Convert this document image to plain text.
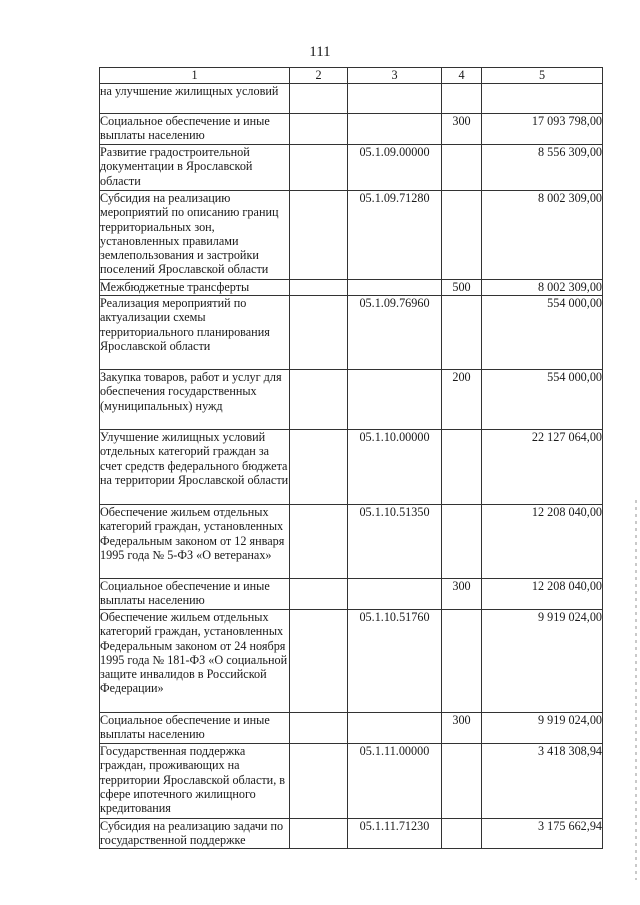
111
1	2	3	4	5
на улучшение жилищных условий				
Социальное обеспечение и иные выплаты населению			300	17 093 798,00
Развитие градостроительной документации в Ярославской области		05.1.09.00000		8 556 309,00
Субсидия на реализацию мероприятий по описанию границ территориальных зон, установленных правилами землепользования и застройки поселений Ярославской области		05.1.09.71280		8 002 309,00
Межбюджетные трансферты			500	8 002 309,00
Реализация мероприятий по актуализации схемы территориального планирования Ярославской области		05.1.09.76960		554 000,00
Закупка товаров, работ и услуг для обеспечения государственных (муниципальных) нужд			200	554 000,00
Улучшение жилищных условий отдельных категорий граждан за счет средств федерального бюджета на территории Ярославской области		05.1.10.00000		22 127 064,00
Обеспечение жильем отдельных категорий граждан, установленных Федеральным законом от 12 января 1995 года № 5-ФЗ «О ветеранах»		05.1.10.51350		12 208 040,00
Социальное обеспечение и иные выплаты населению			300	12 208 040,00
Обеспечение жильем отдельных категорий граждан, установленных Федеральным законом от 24 ноября 1995 года № 181-ФЗ «О социальной защите инвалидов в Российской Федерации»		05.1.10.51760		9 919 024,00
Социальное обеспечение и иные выплаты населению			300	9 919 024,00
Государственная поддержка граждан, проживающих на территории Ярославской области, в сфере ипотечного жилищного кредитования		05.1.11.00000		3 418 308,94
Субсидия на реализацию задачи по государственной поддержке		05.1.11.71230		3 175 662,94
